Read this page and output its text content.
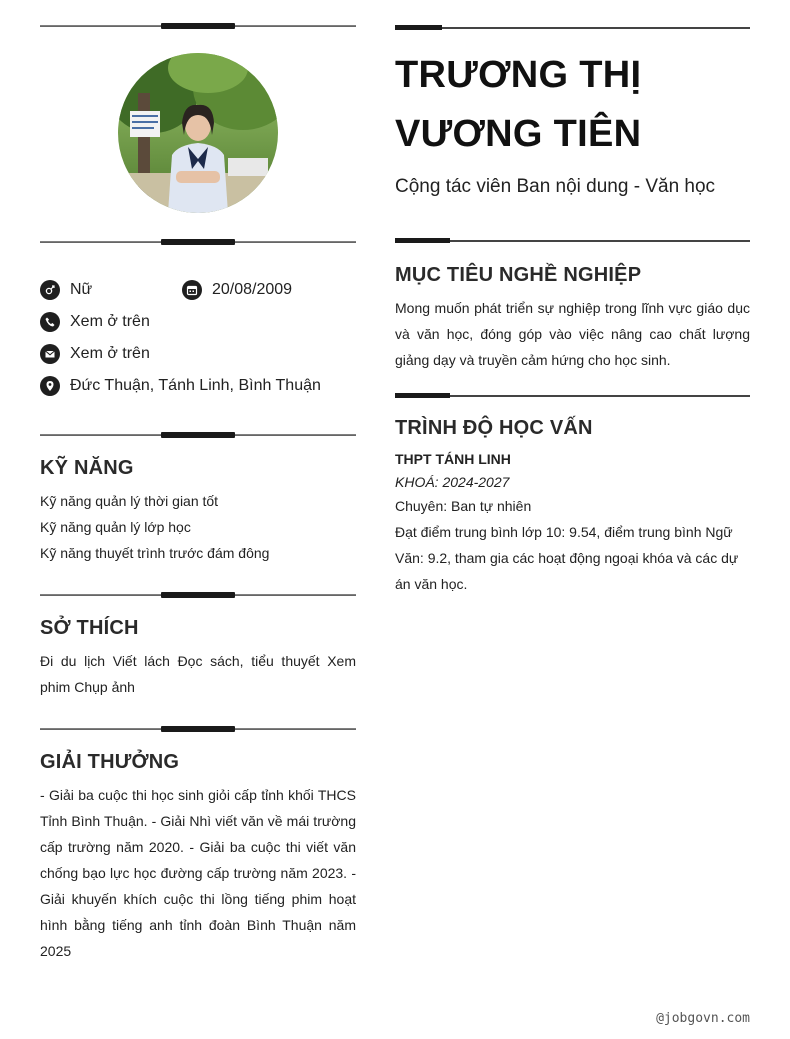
Nữ	20/08/2009
Xem ở trên
Xem ở trên
Đức Thuận, Tánh Linh, Bình Thuận
KỸ NĂNG
Kỹ năng quản lý thời gian tốt
Kỹ năng quản lý lớp học
Kỹ năng thuyết trình trước đám đông
SỞ THÍCH
Đi du lịch Viết lách Đọc sách, tiểu thuyết Xem phim Chụp ảnh
GIẢI THƯỞNG
- Giải ba cuộc thi học sinh giỏi cấp tỉnh khối THCS Tỉnh Bình Thuận. - Giải Nhì viết văn về mái trường cấp trường năm 2020. - Giải ba cuộc thi viết văn chống bạo lực học đường cấp trường năm 2023. - Giải khuyến khích cuộc thi lồng tiếng phim hoạt hình bằng tiếng anh tỉnh đoàn Bình Thuận năm 2025
TRƯƠNG THỊ
VƯƠNG TIÊN
Cộng tác viên Ban nội dung - Văn học
MỤC TIÊU NGHỀ NGHIỆP
Mong muốn phát triển sự nghiệp trong lĩnh vực giáo dục và văn học, đóng góp vào việc nâng cao chất lượng giảng dạy và truyền cảm hứng cho học sinh.
TRÌNH ĐỘ HỌC VẤN
THPT TÁNH LINH
KHOÁ: 2024-2027
Chuyên: Ban tự nhiên
Đạt điểm trung bình lớp 10: 9.54, điểm trung bình Ngữ Văn: 9.2, tham gia các hoạt động ngoại khóa và các dự án văn học.
@jobgovn.com
